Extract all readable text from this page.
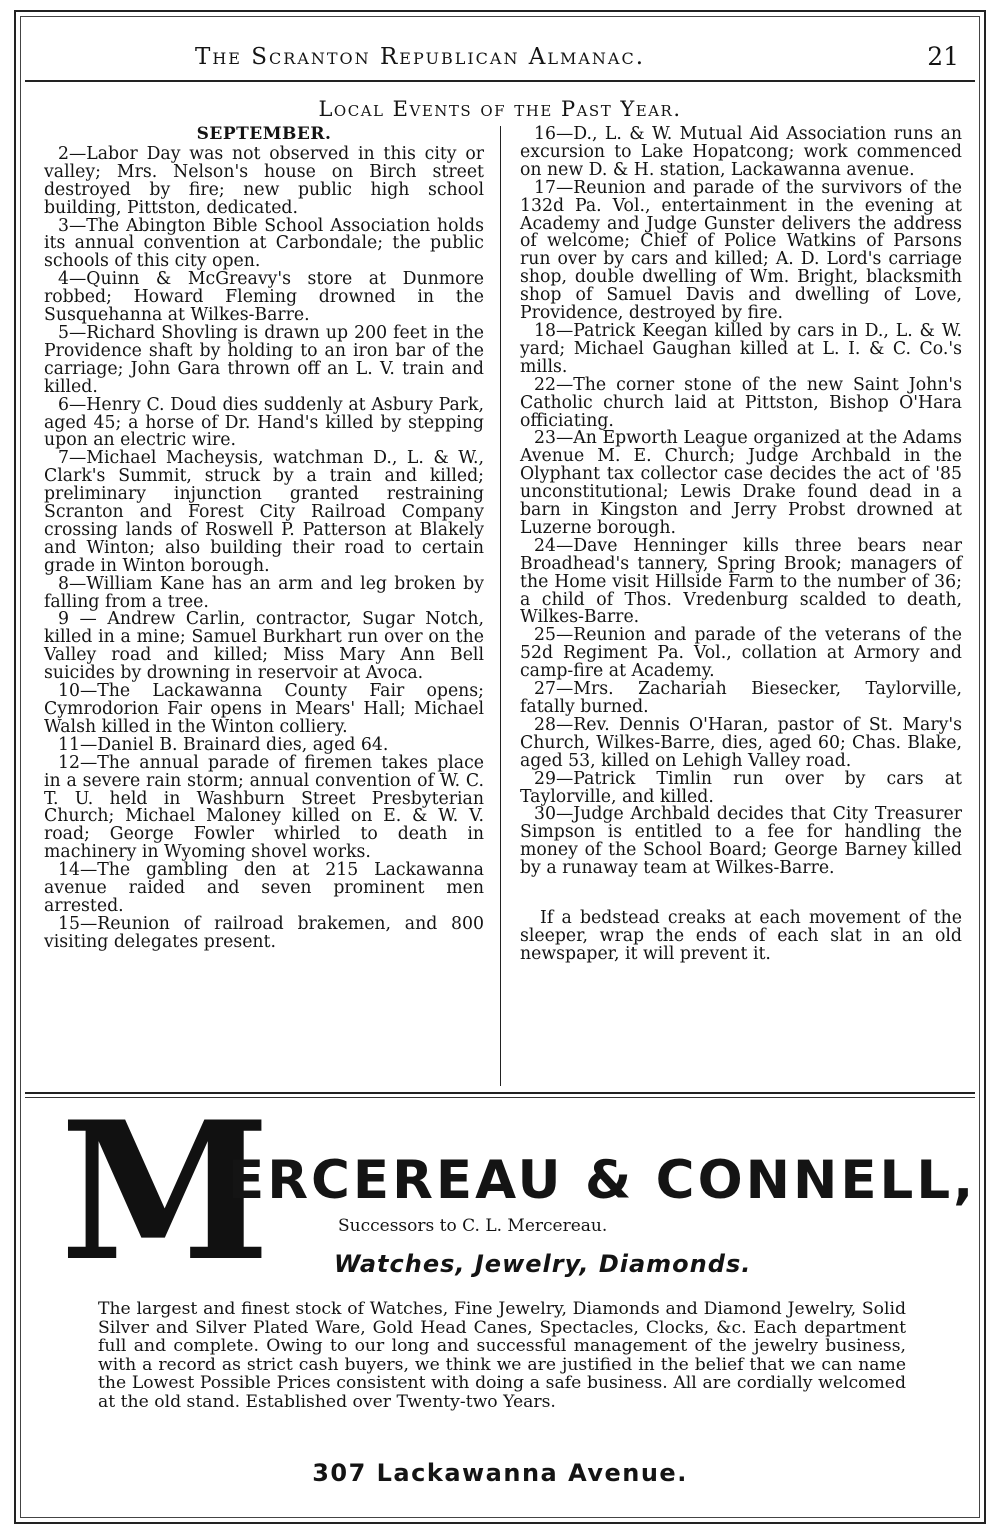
The Scranton Republican Almanac.	21
Local Events of the Past Year.

SEPTEMBER.

2—Labor Day was not observed in this city or valley; Mrs. Nelson's house on Birch street destroyed by fire; new public high school building, Pittston, dedicated.

3—The Abington Bible School Association holds its annual convention at Carbondale; the public schools of this city open.

4—Quinn & McGreavy's store at Dunmore robbed; Howard Fleming drowned in the Susquehanna at Wilkes-Barre.

5—Richard Shovling is drawn up 200 feet in the Providence shaft by holding to an iron bar of the carriage; John Gara thrown off an L. V. train and killed.

6—Henry C. Doud dies suddenly at Asbury Park, aged 45; a horse of Dr. Hand's killed by stepping upon an electric wire.

7—Michael Macheysis, watchman D., L. & W., Clark's Summit, struck by a train and killed; preliminary injunction granted restraining Scranton and Forest City Railroad Company crossing lands of Roswell P. Patterson at Blakely and Winton; also building their road to certain grade in Winton borough.

8—William Kane has an arm and leg broken by falling from a tree.

9 — Andrew Carlin, contractor, Sugar Notch, killed in a mine; Samuel Burkhart run over on the Valley road and killed; Miss Mary Ann Bell suicides by drowning in reservoir at Avoca.

10—The Lackawanna County Fair opens; Cymrodorion Fair opens in Mears' Hall; Michael Walsh killed in the Winton colliery.

11—Daniel B. Brainard dies, aged 64.

12—The annual parade of firemen takes place in a severe rain storm; annual convention of W. C. T. U. held in Washburn Street Presbyterian Church; Michael Maloney killed on E. & W. V. road; George Fowler whirled to death in machinery in Wyoming shovel works.

14—The gambling den at 215 Lackawanna avenue raided and seven prominent men arrested.

15—Reunion of railroad brakemen, and 800 visiting delegates present.

16—D., L. & W. Mutual Aid Association runs an excursion to Lake Hopatcong; work commenced on new D. & H. station, Lackawanna avenue.

17—Reunion and parade of the survivors of the 132d Pa. Vol., entertainment in the evening at Academy and Judge Gunster delivers the address of welcome; Chief of Police Watkins of Parsons run over by cars and killed; A. D. Lord's carriage shop, double dwelling of Wm. Bright, blacksmith shop of Samuel Davis and dwelling of Love, Providence, destroyed by fire.

18—Patrick Keegan killed by cars in D., L. & W. yard; Michael Gaughan killed at L. I. & C. Co.'s mills.

22—The corner stone of the new Saint John's Catholic church laid at Pittston, Bishop O'Hara officiating.

23—An Epworth League organized at the Adams Avenue M. E. Church; Judge Archbald in the Olyphant tax collector case decides the act of '85 unconstitutional; Lewis Drake found dead in a barn in Kingston and Jerry Probst drowned at Luzerne borough.

24—Dave Henninger kills three bears near Broadhead's tannery, Spring Brook; managers of the Home visit Hillside Farm to the number of 36; a child of Thos. Vredenburg scalded to death, Wilkes-Barre.

25—Reunion and parade of the veterans of the 52d Regiment Pa. Vol., collation at Armory and camp-fire at Academy.

27—Mrs. Zachariah Biesecker, Taylorville, fatally burned.

28—Rev. Dennis O'Haran, pastor of St. Mary's Church, Wilkes-Barre, dies, aged 60; Chas. Blake, aged 53, killed on Lehigh Valley road.

29—Patrick Timlin run over by cars at Taylorville, and killed.

30—Judge Archbald decides that City Treasurer Simpson is entitled to a fee for handling the money of the School Board; George Barney killed by a runaway team at Wilkes-Barre.

If a bedstead creaks at each movement of the sleeper, wrap the ends of each slat in an old newspaper, it will prevent it.

M
ERCEREAU & CONNELL,
Successors to C. L. Mercereau.
Watches, Jewelry, Diamonds.
The largest and finest stock of Watches, Fine Jewelry, Diamonds and Diamond Jewelry, Solid Silver and Silver Plated Ware, Gold Head Canes, Spectacles, Clocks, &c. Each department full and complete. Owing to our long and successful management of the jewelry business, with a record as strict cash buyers, we think we are justified in the belief that we can name the Lowest Possible Prices consistent with doing a safe business. All are cordially welcomed at the old stand. Established over Twenty-two Years.
307 Lackawanna Avenue.
